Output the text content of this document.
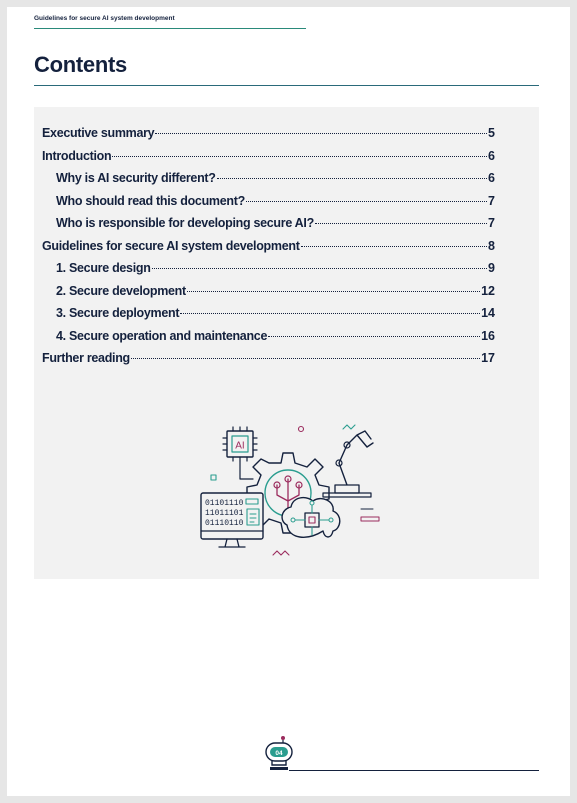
Guidelines for secure AI system development
Contents
Executive summary	5
Introduction	6
Why is AI security different?	6
Who should read this document?	7
Who is responsible for developing secure AI?	7
Guidelines for secure AI system development	8
1. Secure design	9
2. Secure development	12
3. Secure deployment	14
4. Secure operation and maintenance	16
Further reading	17
AI
01101110
11011101
01110110
04
